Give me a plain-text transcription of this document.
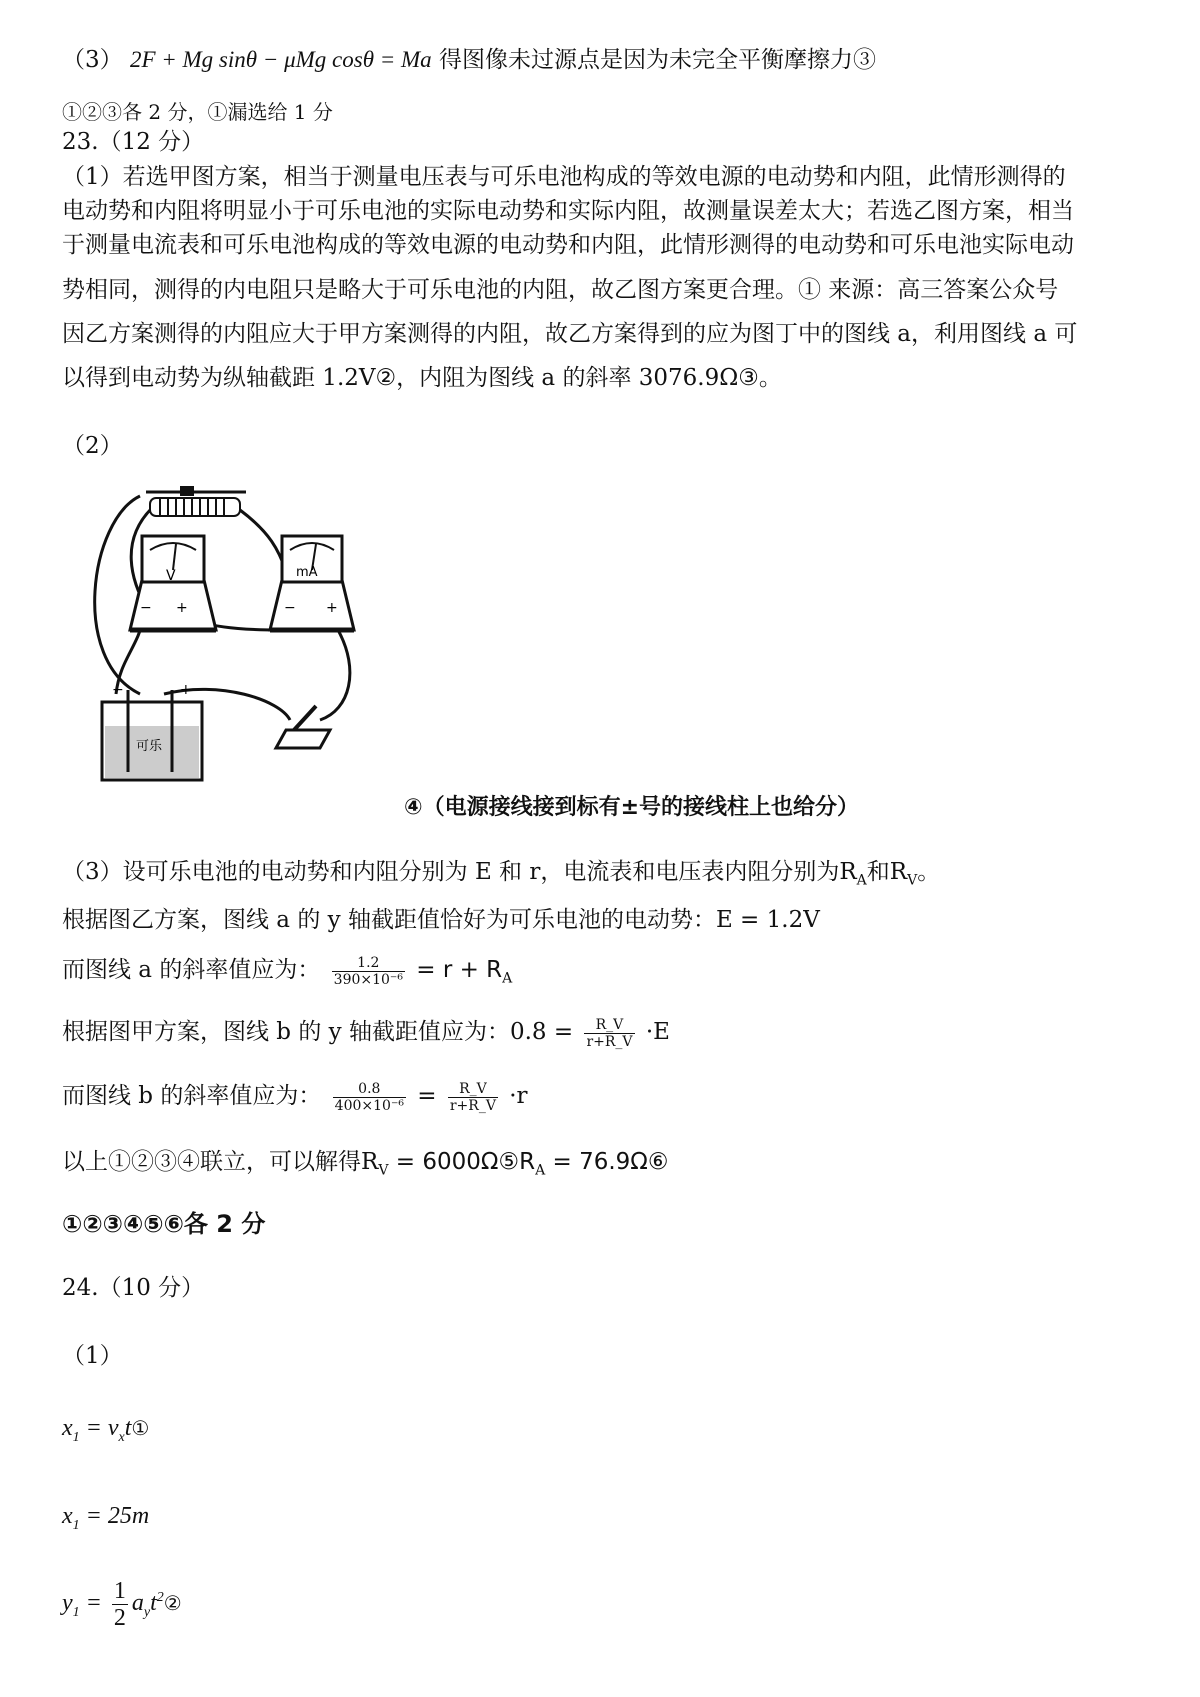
（3） 2F + Mg sinθ − μMg cosθ = Ma 得图像未过源点是因为未完全平衡摩擦力③
①②③各 2 分，①漏选给 1 分
23.（12 分）

（1）若选甲图方案，相当于测量电压表与可乐电池构成的等效电源的电动势和内阻，此情形测得的

电动势和内阻将明显小于可乐电池的实际电动势和实际内阻，故测量误差太大；若选乙图方案，相当

于测量电流表和可乐电池构成的等效电源的电动势和内阻，此情形测得的电动势和可乐电池实际电动

势相同，测得的内电阻只是略大于可乐电池的内阻，故乙图方案更合理。① 来源：高三答案公众号

因乙方案测得的内阻应大于甲方案测得的内阻，故乙方案得到的应为图丁中的图线 a，利用图线 a 可

以得到电动势为纵轴截距 1.2V②，内阻为图线 a 的斜率 3076.9Ω③。

（2）
V
− +
mA
− +
−	+
可乐
④（电源接线接到标有±号的接线柱上也给分）
（3）设可乐电池的电动势和内阻分别为 E 和 r，电流表和电压表内阻分别为$R_A$和$R_V$。
根据图乙方案，图线 a 的 y 轴截距值恰好为可乐电池的电动势：E = 1.2V
而图线 a 的斜率值应为： $\frac{1.2}{\text{390×10⁻⁶}} = r + R_A$
根据图甲方案，图线 b 的 y 轴截距值应为：$0.8 = \frac{R\_V}{r+R\_V} \cdot E$
而图线 b 的斜率值应为： $\frac{0.8}{\text{400×10⁻⁶}} = \frac{R\_V}{r+R\_V} \cdot r$
以上①②③④联立，可以解得$R_V$ = $6000\Omega ⑤R_A$ = 76.9Ω⑥
①②③④⑤⑥各 2 分
24.（10 分）
（1）
$x_1$ = $v_xt①$
$x_1 = 25m$
$y_1 = \frac{1}{2}$ $a_yt^2②$
